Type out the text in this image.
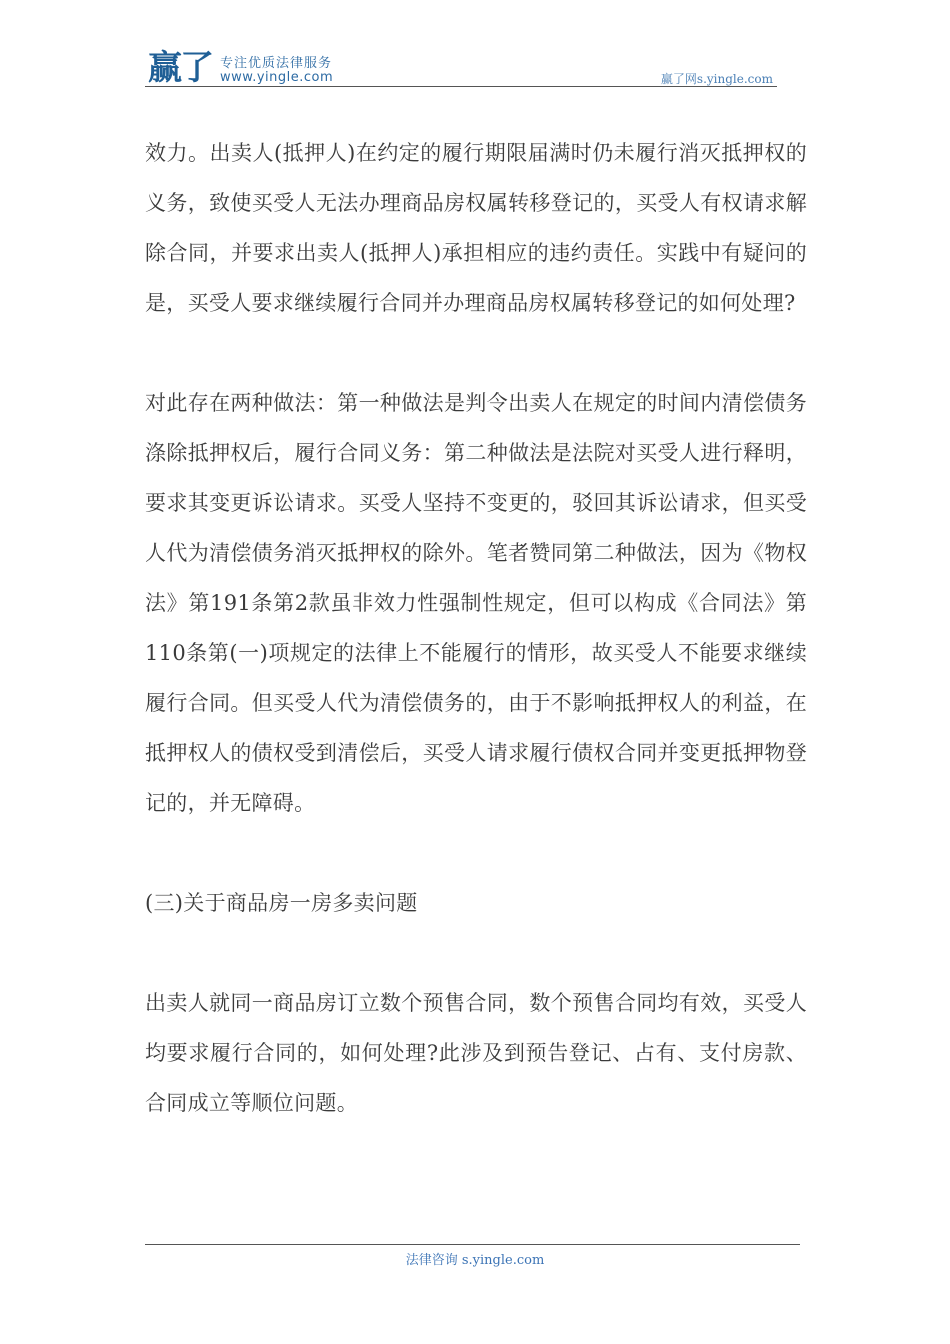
赢了 专注优质法律服务
www.yingle.com	赢了网s.yingle.com

效力。出卖人(抵押人)在约定的履行期限届满时仍未履行消灭抵押权的义务，致使买受人无法办理商品房权属转移登记的，买受人有权请求解除合同，并要求出卖人(抵押人)承担相应的违约责任。实践中有疑问的是，买受人要求继续履行合同并办理商品房权属转移登记的如何处理?

对此存在两种做法：第一种做法是判令出卖人在规定的时间内清偿债务涤除抵押权后，履行合同义务：第二种做法是法院对买受人进行释明，要求其变更诉讼请求。买受人坚持不变更的，驳回其诉讼请求，但买受人代为清偿债务消灭抵押权的除外。笔者赞同第二种做法，因为《物权法》第191条第2款虽非效力性强制性规定，但可以构成《合同法》第110条第(一)项规定的法律上不能履行的情形，故买受人不能要求继续履行合同。但买受人代为清偿债务的，由于不影响抵押权人的利益，在抵押权人的债权受到清偿后，买受人请求履行债权合同并变更抵押物登记的，并无障碍。

(三)关于商品房一房多卖问题

出卖人就同一商品房订立数个预售合同，数个预售合同均有效，买受人均要求履行合同的，如何处理?此涉及到预告登记、占有、支付房款、合同成立等顺位问题。

法律咨询 s.yingle.com
